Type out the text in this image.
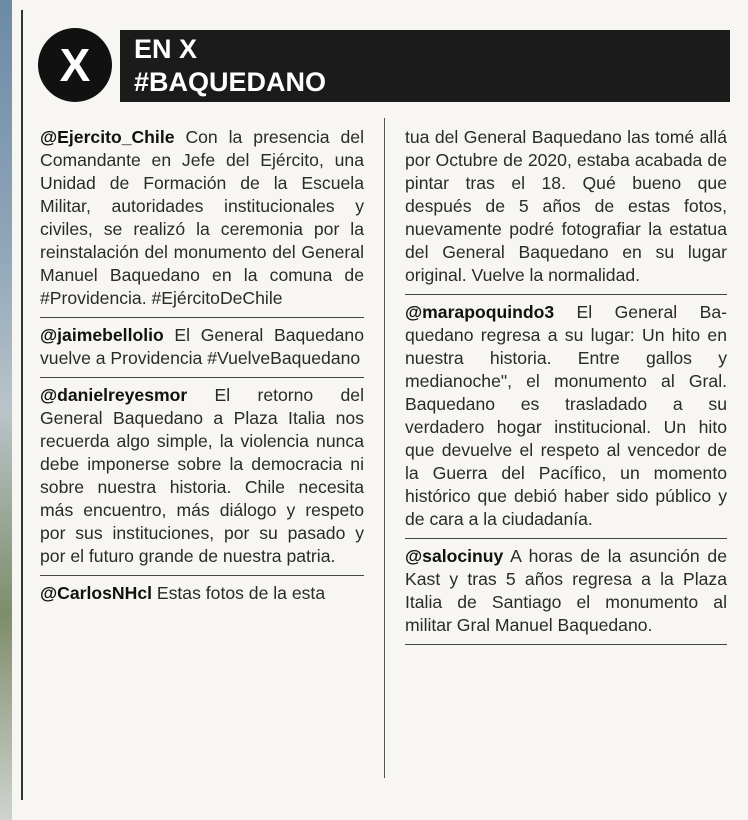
X	EN X
#BAQUEDANO
@Ejercito_Chile Con la presencia del Comandante en Jefe del Ejército, una Unidad de Formación de la Escuela Militar, autoridades institucionales y civiles, se realizó la ceremonia por la reinstalación del monumento del General Manuel Baquedano en la comuna de #Providencia. #EjércitoDeChile
@jaimebellolio El General Baquedano vuelve a Providencia #VuelveBaquedano
@danielreyesmor El retorno del General Baquedano a Plaza Italia nos recuerda algo simple, la violencia nunca debe imponerse sobre la democracia ni sobre nuestra historia. Chile necesita más encuentro, más diálogo y respeto por sus instituciones, por su pasado y por el futuro grande de nuestra patria.
@CarlosNHcl Estas fotos de la esta
tua del General Baquedano las tomé allá por Octubre de 2020, estaba acabada de pintar tras el 18. Qué bueno que después de 5 años de estas fotos, nuevamente podré fotografiar la estatua del General Baquedano en su lugar original. Vuelve la normalidad.
@marapoquindo3 El General Baquedano regresa a su lugar: Un hito en nuestra historia. Entre gallos y medianoche", el monumento al Gral. Baquedano es trasladado a su verdadero hogar institucional. Un hito que devuelve el respeto al vencedor de la Guerra del Pacífico, un momento histórico que debió haber sido público y de cara a la ciudadanía.
@salocinuy A horas de la asunción de Kast y tras 5 años regresa a la Plaza Italia de Santiago el monumento al militar Gral Manuel Baquedano.
